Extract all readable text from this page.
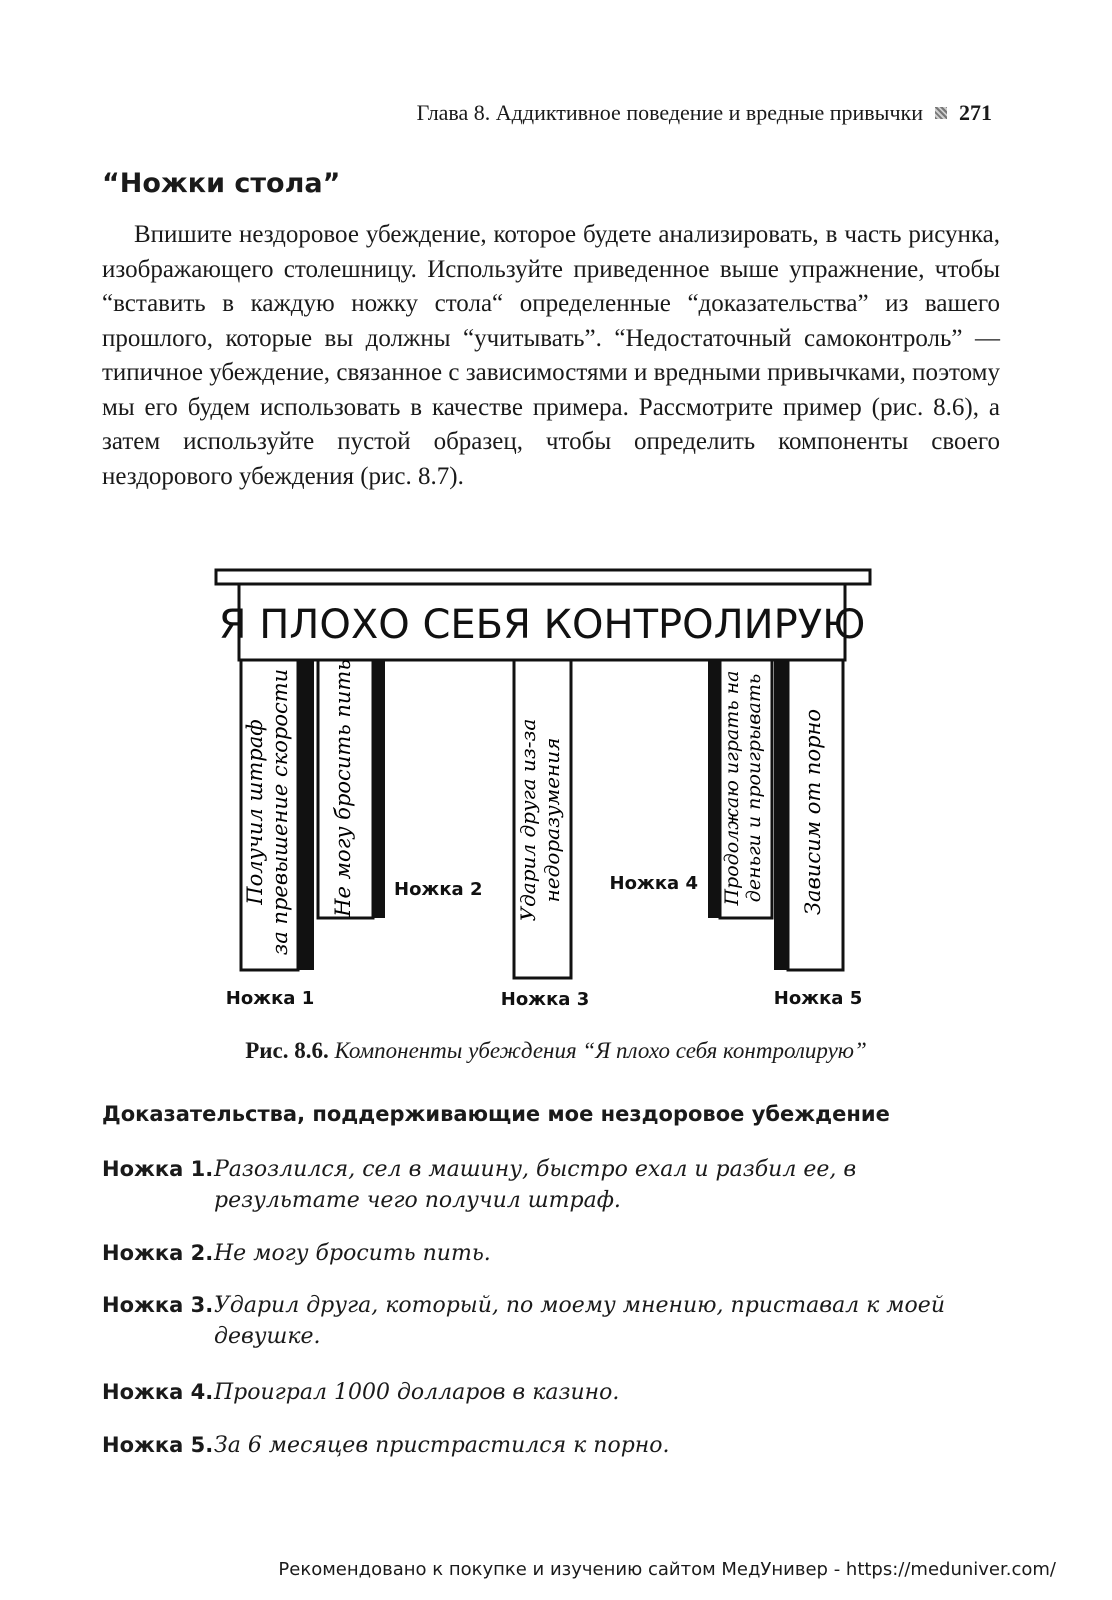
Глава 8. Аддиктивное поведение и вредные привычки 271
“Ножки стола”

Впишите нездоровое убеждение, которое будете анализировать, в часть рисунка, изображающего столешницу. Используйте приведенное выше упражнение, чтобы “вставить в каждую ножку стола“ определенные “доказательства” из вашего прошлого, которые вы должны “учитывать”. “Недостаточный самоконтроль” — типичное убеждение, связанное с зависимостями и вредными привычками, поэтому мы его будем использовать в качестве примера. Рассмотрите пример (рис. 8.6), а затем используйте пустой образец, чтобы определить компоненты своего нездорового убеждения (рис. 8.7).

Я ПЛОХО СЕБЯ КОНТРОЛИРУЮ
Получил штраф за превышение скорости Не могу бросить пить	Ударил друга из-за недоразумения	Продолжаю играть на деньги и проигрывать Зависим от порно
Ножка 1
Ножка 2
Ножка 3
Ножка 4
Ножка 5
Рис. 8.6. Компоненты убеждения “Я плохо себя контролирую”
Доказательства, поддерживающие мое нездоровое убеждение
Ножка 1. Разозлился, сел в машину, быстро ехал и разбил ее, в результате чего получил штраф.
Ножка 2. Не могу бросить пить.
Ножка 3. Ударил друга, который, по моему мнению, приставал к моей девушке.
Ножка 4. Проиграл 1000 долларов в казино.
Ножка 5. За 6 месяцев пристрастился к порно.
Рекомендовано к покупке и изучению сайтом МедУнивер - https://meduniver.com/
